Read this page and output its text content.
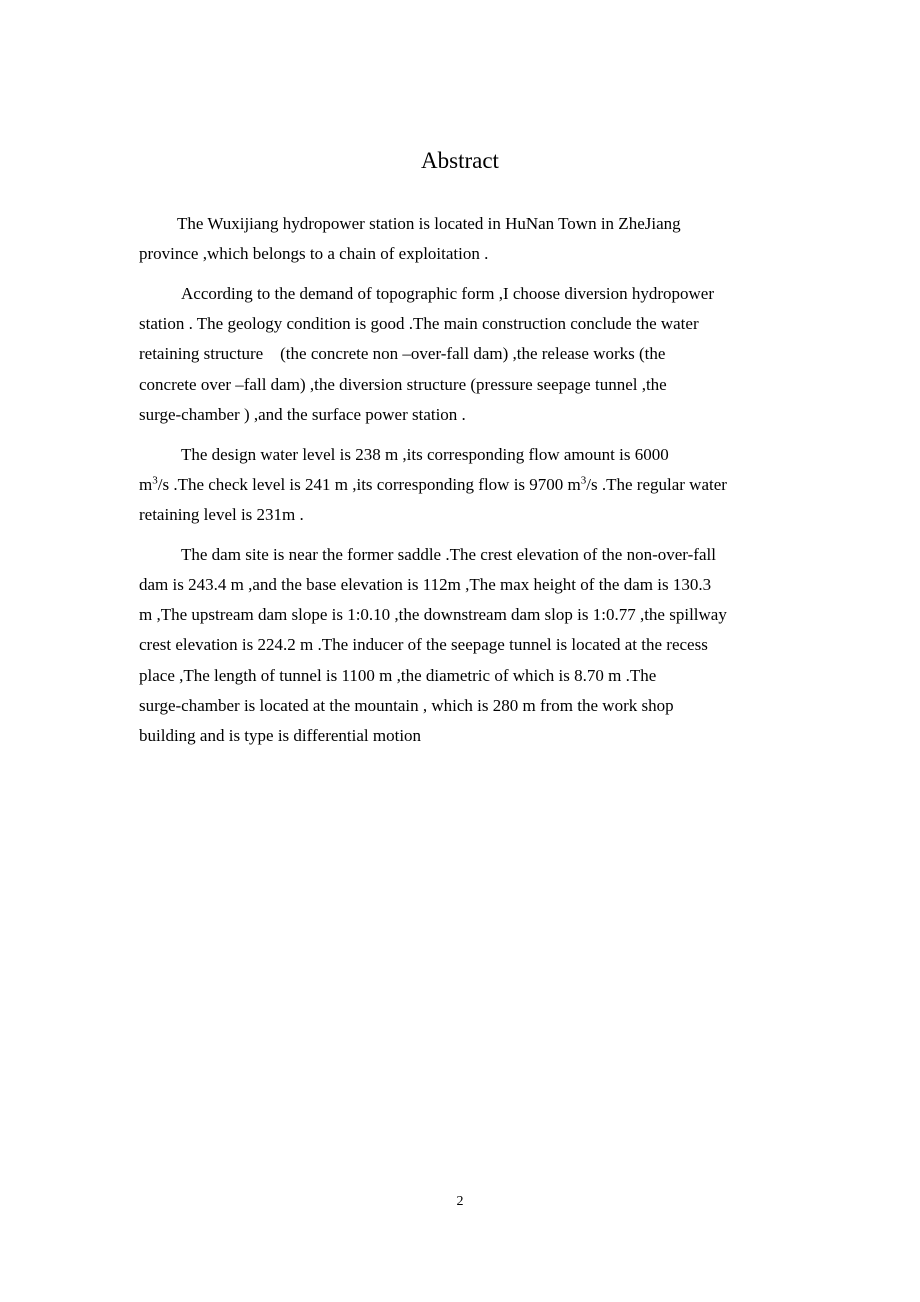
Abstract

The Wuxijiang hydropower station is located in HuNan Town in ZheJiang
province ,which belongs to a chain of exploitation .

According to the demand of topographic form ,I choose diversion hydropower
station . The geology condition is good .The main construction conclude the water
retaining structure    (the concrete non –over-fall dam) ,the release works (the
concrete over –fall dam) ,the diversion structure (pressure seepage tunnel ,the
surge-chamber ) ,and the surface power station .

The design water level is 238 m ,its corresponding flow amount is 6000
$m^3/s$ .The check level is 241 m ,its corresponding flow is 9700 $m^3/s$ .The regular water
retaining level is 231m .

The dam site is near the former saddle .The crest elevation of the non-over-fall
dam is 243.4 m ,and the base elevation is 112m ,The max height of the dam is 130.3
m ,The upstream dam slope is 1:0.10 ,the downstream dam slop is 1:0.77 ,the spillway
crest elevation is 224.2 m .The inducer of the seepage tunnel is located at the recess
place ,The length of tunnel is 1100 m ,the diametric of which is 8.70 m .The
surge-chamber is located at the mountain , which is 280 m from the work shop
building and is type is differential motion

2
